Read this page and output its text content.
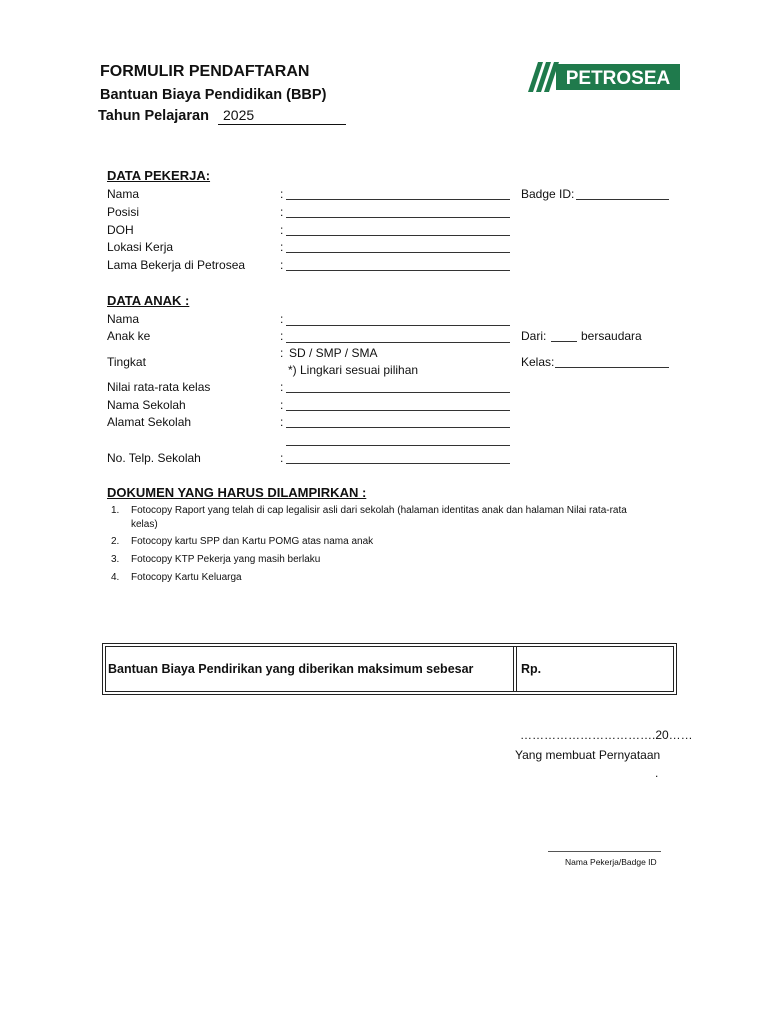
FORMULIR PENDAFTARAN
Bantuan Biaya Pendidikan (BBP)
Tahun Pelajaran 2025
PETROSEA
DATA PEKERJA:
Nama
Posisi
DOH
Lokasi Kerja
Lama Bekerja di Petrosea
:
:
:
:
:
Badge ID:
DATA ANAK :
Nama
Anak ke
Tingkat
Nilai rata-rata kelas
Nama Sekolah
Alamat Sekolah
No. Telp. Sekolah
:
:
: SD / SMP / SMA
*) Lingkari sesuai pilihan
:
:
:
:
Dari:	bersaudara
Kelas:
DOKUMEN YANG HARUS DILAMPIRKAN :
1. Fotocopy Raport yang telah di cap legalisir asli dari sekolah (halaman identitas anak dan halaman Nilai rata-rata
kelas)
2. Fotocopy kartu SPP dan Kartu POMG atas nama anak
3. Fotocopy KTP Pekerja yang masih berlaku
4. Fotocopy Kartu Keluarga
Bantuan Biaya Pendirikan yang diberikan maksimum sebesar	Rp.
…………………………….20……
Yang membuat Pernyataan
.
Nama Pekerja/Badge ID
